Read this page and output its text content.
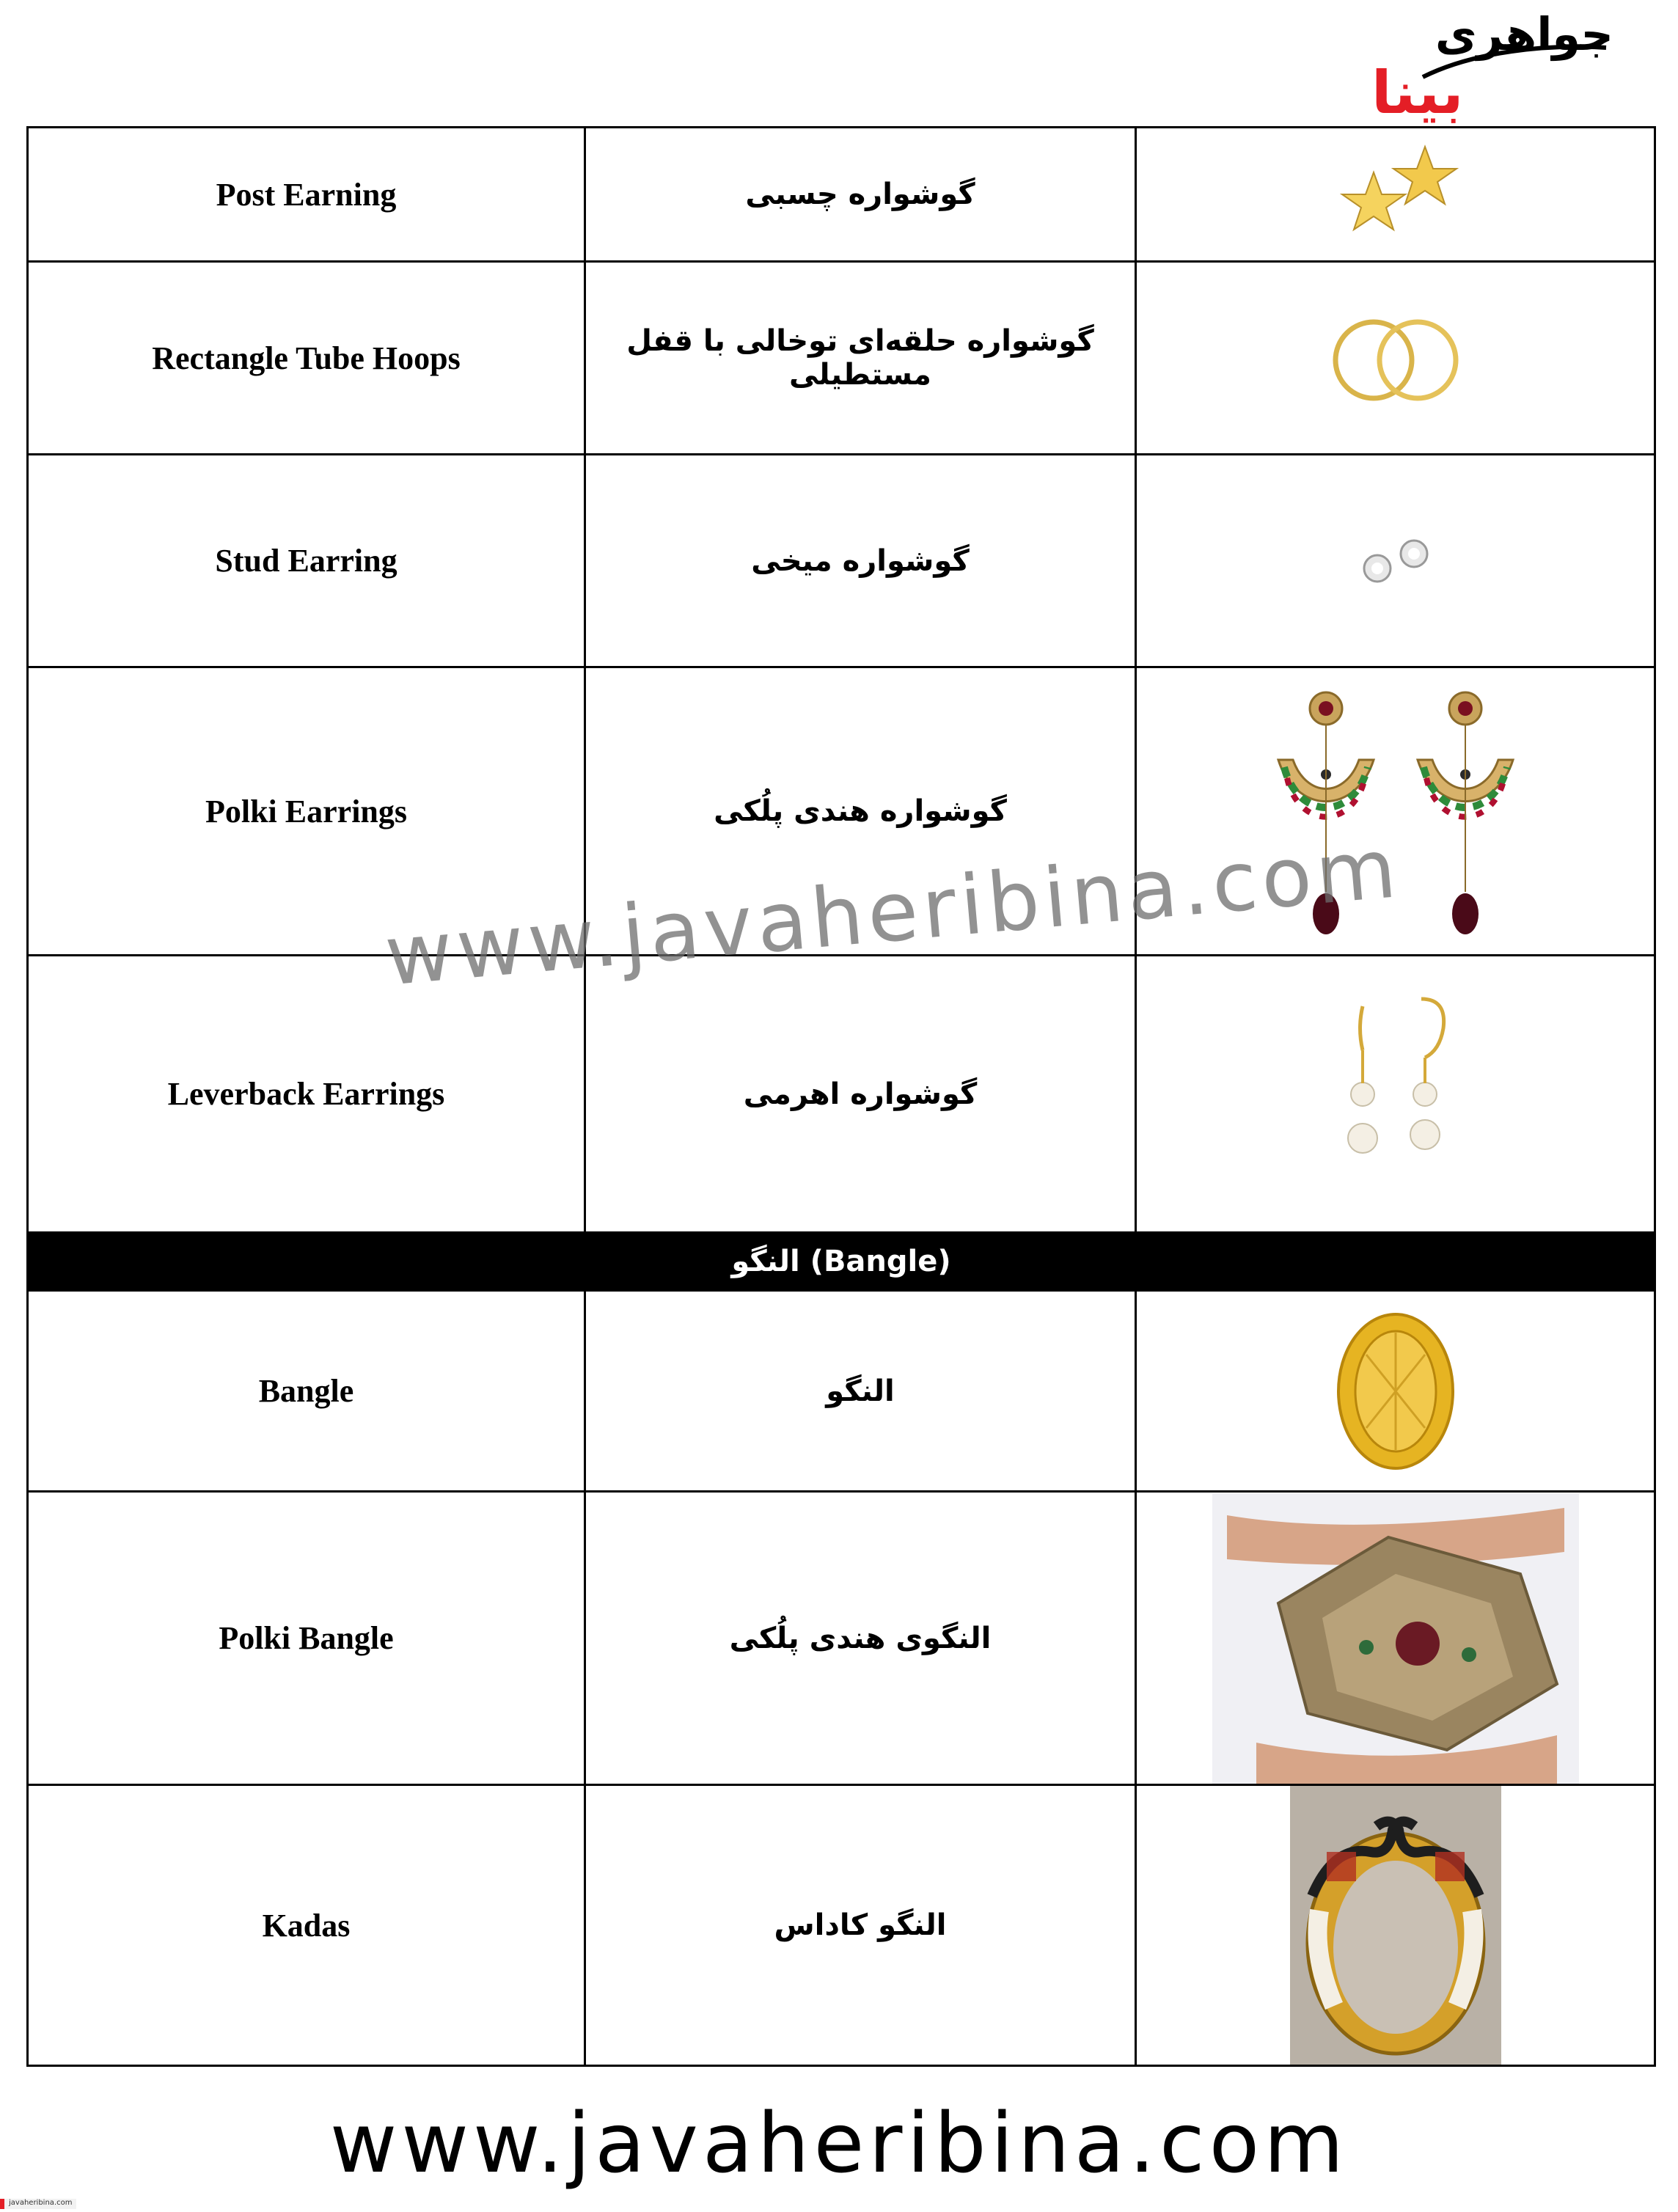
جواهری
بینا
Post Earning	گوشواره چسبی	

Rectangle Tube Hoops	گوشواره حلقه‌ای توخالی با قفل مستطیلی	

Stud Earring	گوشواره میخی	

Polki Earrings	گوشواره هندی پلُکی	

Leverback Earrings	گوشواره اهرمی	

النگو (Bangle)		
Bangle	النگو	

Polki Bangle	النگوی هندی پلُکی	

Kadas	النگو کاداس	
www.javaheribina.com
www.javaheribina.com
javaheribina.com
